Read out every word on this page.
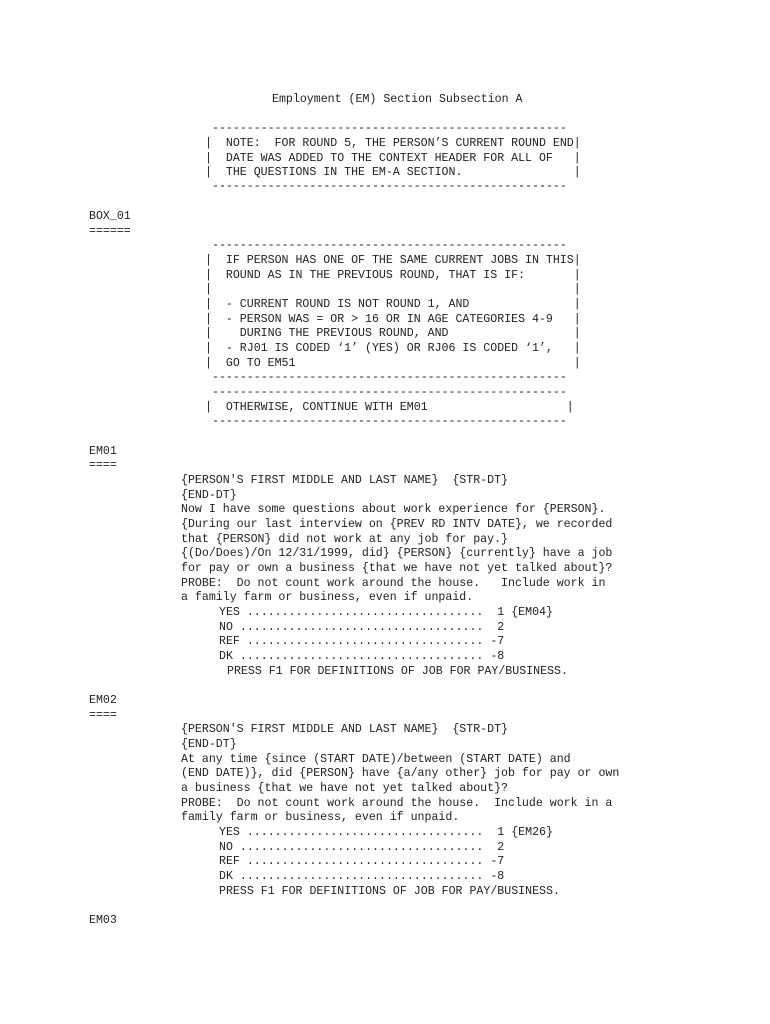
Employment (EM) Section Subsection A
---------------------------------------------------
|  NOTE:  FOR ROUND 5, THE PERSON’S CURRENT ROUND END|
|  DATE WAS ADDED TO THE CONTEXT HEADER FOR ALL OF   |
|  THE QUESTIONS IN THE EM-A SECTION.                |
---------------------------------------------------
BOX_01
======
---------------------------------------------------
|  IF PERSON HAS ONE OF THE SAME CURRENT JOBS IN THIS|
|  ROUND AS IN THE PREVIOUS ROUND, THAT IS IF:       |
|                                                    |
|  - CURRENT ROUND IS NOT ROUND 1, AND               |
|  - PERSON WAS = OR > 16 OR IN AGE CATEGORIES 4-9   |
|    DURING THE PREVIOUS ROUND, AND                  |
|  - RJ01 IS CODED ‘1’ (YES) OR RJ06 IS CODED ‘1’,   |
|  GO TO EM51                                        |
---------------------------------------------------
---------------------------------------------------
|  OTHERWISE, CONTINUE WITH EM01                    |
---------------------------------------------------
EM01
====
{PERSON'S FIRST MIDDLE AND LAST NAME}  {STR-DT}
{END-DT}
Now I have some questions about work experience for {PERSON}.
{During our last interview on {PREV RD INTV DATE}, we recorded
that {PERSON} did not work at any job for pay.}
{(Do/Does)/On 12/31/1999, did} {PERSON} {currently} have a job
for pay or own a business {that we have not yet talked about}?
PROBE:  Do not count work around the house.   Include work in
a family farm or business, even if unpaid.
YES ..................................  1 {EM04}
NO ...................................  2
REF .................................. -7
DK ................................... -8
PRESS F1 FOR DEFINITIONS OF JOB FOR PAY/BUSINESS.
EM02
====
{PERSON'S FIRST MIDDLE AND LAST NAME}  {STR-DT}
{END-DT}
At any time {since (START DATE)/between (START DATE) and
(END DATE)}, did {PERSON} have {a/any other} job for pay or own
a business {that we have not yet talked about}?
PROBE:  Do not count work around the house.  Include work in a
family farm or business, even if unpaid.
YES ..................................  1 {EM26}
NO ...................................  2
REF .................................. -7
DK ................................... -8
PRESS F1 FOR DEFINITIONS OF JOB FOR PAY/BUSINESS.
EM03
